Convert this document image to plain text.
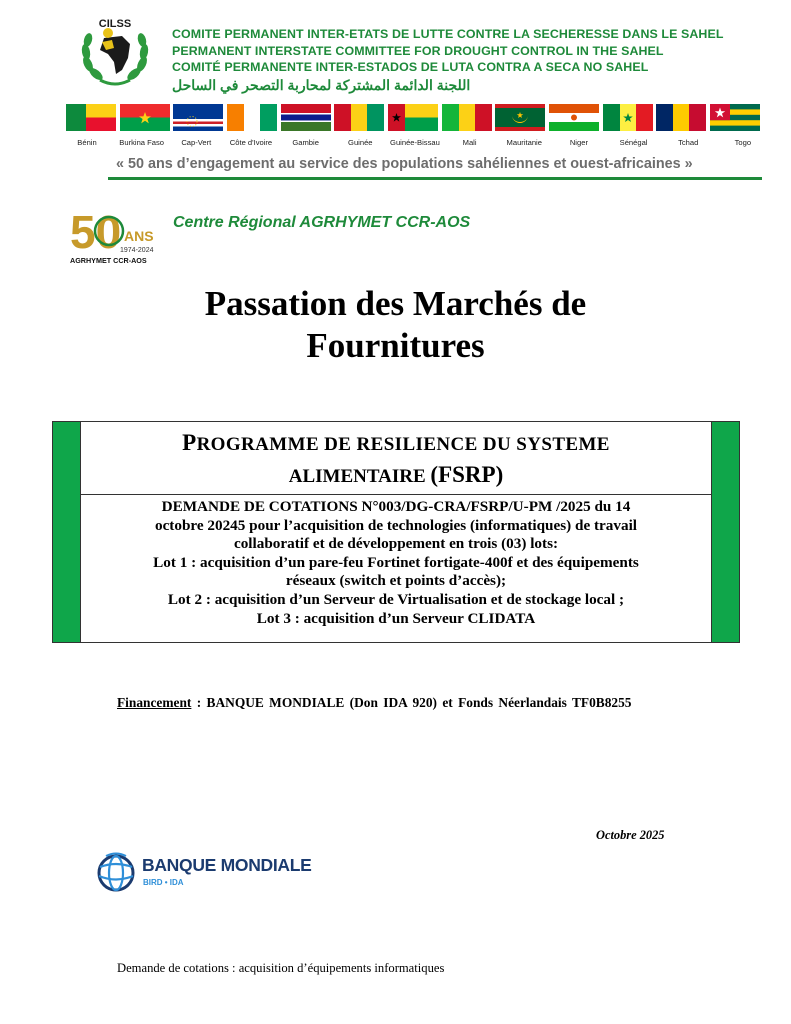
CILSS
COMITE PERMANENT INTER-ETATS DE LUTTE CONTRE LA SECHERESSE DANS LE SAHEL
PERMANENT INTERSTATE COMMITTEE FOR DROUGHT CONTROL IN THE SAHEL
COMITÉ PERMANENTE INTER-ESTADOS DE LUTA CONTRA A SECA NO SAHEL
اللجنة الدائمة المشتركة لمحاربة التصحر في الساحل
Bénin	Burkina Faso	Cap-Vert	Côte d'Ivoire	Gambie	Guinée	Guinée-Bissau	Mali	Mauritanie	Niger	Sénégal	Tchad	Togo
« 50 ans d’engagement au service des populations sahéliennes et ouest-africaines »
50 ANS
1974-2024
AGRHYMET CCR-AOS
Centre Régional AGRHYMET CCR-AOS
Passation des Marchés de
Fournitures
PROGRAMME DE RESILIENCE DU SYSTEME
ALIMENTAIRE (FSRP)
DEMANDE DE COTATIONS N°003/DG-CRA/FSRP/U-PM /2025 du 14
octobre 20245 pour l’acquisition de technologies (informatiques) de travail
collaboratif et de développement en trois (03) lots:
Lot 1 : acquisition d’un pare-feu Fortinet fortigate-400f et des équipements
réseaux (switch et points d’accès);
Lot 2 : acquisition d’un Serveur de Virtualisation et de stockage local ;
Lot 3 : acquisition d’un Serveur CLIDATA
Financement : BANQUE MONDIALE (Don IDA 920) et Fonds Néerlandais TF0B8255
Octobre 2025
BANQUE MONDIALE
BIRD • IDA
Demande de cotations : acquisition d’équipements informatiques
